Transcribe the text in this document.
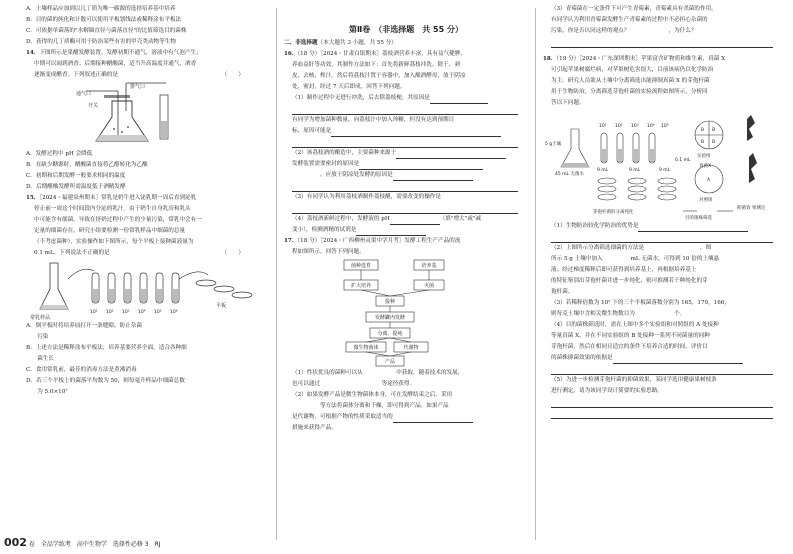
A．土壤样品应加到以几丁质为唯一碳源的选择培养基中培养
B．目的菌的纯化和计数可以使用平板划线法或稀释涂布平板法
C．可依据单菌落的"水解圈直径与菌落直径"的比值筛选目的菌株
D．获得的几丁质酶可用于防治某些有害的甲壳类动物等生物
14．下图所示是果醋发酵装置。发酵初期不通气，溶液中有气泡产生；
中期可以闻到酒香；后期接种醋酸菌，适当升高温度并通气，酒香
逐渐变成醋香。下列叙述正确的是	（　　）
排气口
通气口
开关
A．发酵过程中 pH 会降低
B．在缺少糖源时，醋酸菌直接将乙醇转化为乙酸
C．初期和后期发酵一般要求相同的温度
D．后期醋酸发酵所需温度低于酒精发酵
15．［2024・福建泉州期末］常乳是奶牛进入泌乳期一周后直到泌乳
停止前一周这个时间段内分泌的乳汁。由于奶牛自身乳房和乳头
中可能含有细菌，导致在挤奶过程中产生的少量污染，常乳中会有一
定量的细菌存在。研究小组要检测一份常乳样品中细菌的总量
（不考虑菌种），实验操作如下图所示，每个平板上接种菌液量为
0.1 mL。下列说法不正确的是	（　　）
常乳样品
平板
10¹ 10² 10³ 10⁴ 10⁵ 10⁶
A．倒平板时将培养皿打开一条缝隙，防止杂菌
　　污染
B．上述方法是稀释涂布平板法，培养基要营养全面，适合各种细
　　菌生长
C．食用常乳前，最佳的消毒方法是煮沸消毒
D．若三个平板上的菌落平均数为 50，则每毫升样品中细菌总数
　　为 5.0×10⁷
第Ⅱ卷　（非选择题　共 55 分）
二、非选择题（本大题共 3 小题，共 55 分）
16．（18 分）［2024・甘肃白银期末］荔枝酒营养丰富，具有益气健脾、
养血益肝等功效，其制作方法如下：首先将新鲜荔枝冲洗、除干、剥
皮，去核，榨汁，然后将荔枝汁置于容器中，加入酿酒酵母，放于阴凉
处，密封，经过 7 天后即成。回答下列问题。
（1）制作过程中无进行冲洗，后去除荔枝梗，其原因是
有同学为增加菌种数量，向荔枝汁中加入珍糖，但没有达到预期目
标，原因可能是
（2）该荔枝酒的酿造中，主要菌种来源于
发酵装置需要密封的原因是
　　　　　，应放于阴凉处发酵的原因是
（3）有同学认为利用荔枝酒制作荔枝醋，需要改变的操作是
（4）荔枝酒新鲜过程中，发酵液的 pH	（填"增大"或"减
变小），检测酒精的试剂是
17．（18 分）［2024・广西柳州灵渠中学月考］发酵工程生产产品的流
程如图所示，回答下列问题。
菌种选育
扩大培养
培养基
灭菌
接种
发酵罐内发酵
分离、提纯
微生物菌体	代谢物
产品
（1）性状优良的菌种可以从　　　　　　中获取，随着技术的发展，
也可以通过　　　　　　　　　　　等途径获得。
（2）如果发酵产品是微生物菌体本身，可在发酵结束之后，采用
　　　　　等方法将菌体分离和干燥，即可得到产品。如果产品
是代谢物，可根据产物的性质采取适当的
措施来获得产品。
（3）青霉菌在一定条件下可产生青霉素，青霉素具有杀菌的作用。
有同学认为利用青霉菌发酵生产青霉素的过程中不必担心杂菌的
污染，你是否认同这样的观点？　　　　　　　，为什么？
18．（19 分）［2024・广东深圳期末］苹果富含矿物质和维生素，真菌 X
可引起苹果树腐烂病，对苹果树危害很大，目前该病仍以化学防治
为主。研究人员欲从土壤中分离筛选出能抑制真菌 X 的芽孢杆菌
用于生物防治，分离筛选芽孢杆菌的实验流程如图所示，分析回
答以下问题。
5 g土壤
45 mL 无菌水
10¹ 10² 10³ 10⁴ 10⁵
9 mL	9 mL	9 mL
0.1 mL
B B
B B
实验组
A
对照组
真菌X
芽孢杆菌的分离纯化
目的菌株筛选
抑菌效 果测定
（1）生物防治较化学防治的优势是
（2）上图所示分离筛选细菌的方法是　　　　　　　　　　，图
所示 5 g 土壤中加入　　　　　mL 无菌水，可得到 10 倍的土壤悬
液；经过梯度稀释后即可获得到培养基上，再根据培养基上
的特征鉴别出芽孢杆菌并进一步纯化，则可推测若干种纯化的芽
孢杆菌。
（3）若稀释倍数为 10⁵ 下的三个平板菌落数分别为 165，179，166，
则每克土壤中含相关微生物数目为　　　　　　　个。
（4）目的菌株筛选时，需在上图中多个实验组和对照组的 A 处接种
等量真菌 X，并在不同实验组的 B 处接种一系列不同菌量的同种
芽孢杆菌，然后在相同且适宜的条件下培养合适的时间，评价目
的菌株抑菌效果的依据是
（5）为进一步检测芽孢杆菌的抑菌效果，某同学选用健康果树枝条
进行测定，请为该同学设计简要的实验思路。
002 卷　全品学练考　高中生物学　选择性必修 3　RJ
